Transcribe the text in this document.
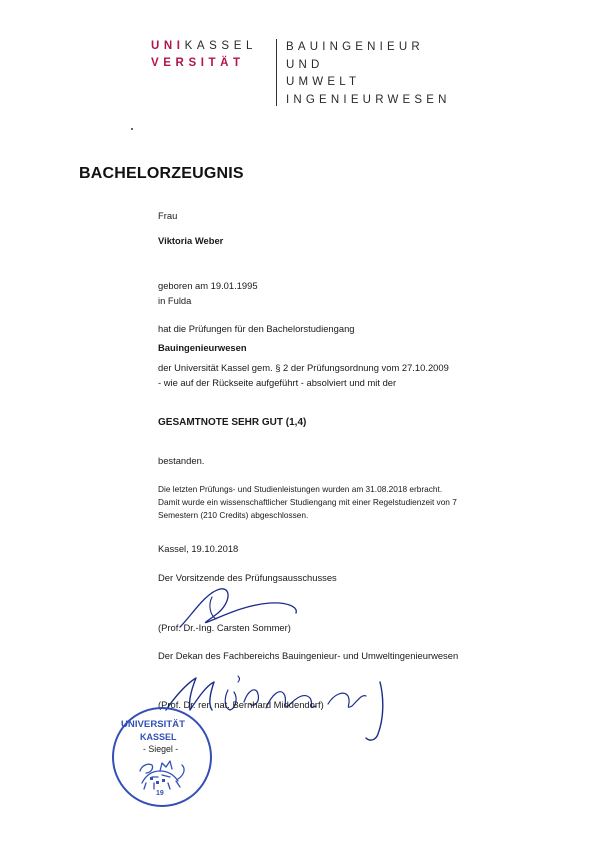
UNIKASSEL
VERSITÄT
BAUINGENIEUR
UND
UMWELT
INGENIEURWESEN
BACHELORZEUGNIS
Frau
Viktoria Weber
geboren am 19.01.1995
in Fulda
hat die Prüfungen für den Bachelorstudiengang
Bauingenieurwesen
der Universität Kassel gem. § 2 der Prüfungsordnung vom 27.10.2009
- wie auf der Rückseite aufgeführt - absolviert und mit der
GESAMTNOTE SEHR GUT (1,4)
bestanden.
Die letzten Prüfungs- und Studienleistungen wurden am 31.08.2018 erbracht.
Damit wurde ein wissenschaftlicher Studiengang mit einer Regelstudienzeit von 7
Semestern (210 Credits) abgeschlossen.
Kassel, 19.10.2018
Der Vorsitzende des Prüfungsausschusses
(Prof. Dr.-Ing. Carsten Sommer)
Der Dekan des Fachbereichs Bauingenieur- und Umweltingenieurwesen
(Prof. Dr. rer. nat. Bernhard Middendorf)
UNIVERSITÄT
KASSEL
- Siegel -
19
